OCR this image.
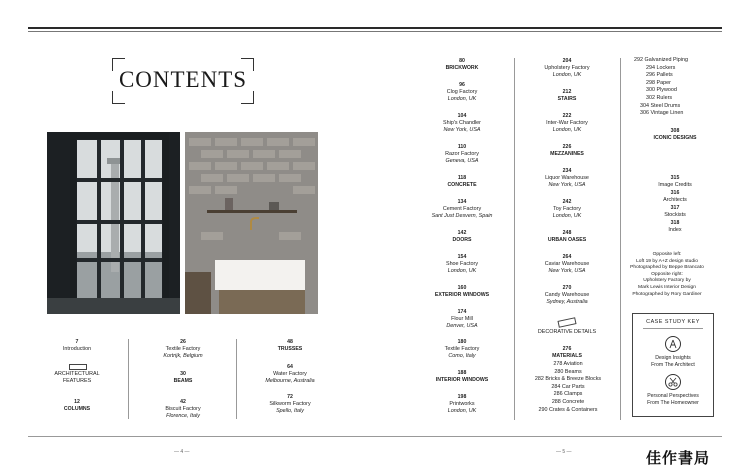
— 4 —	— 5 —
CONTENTS
7
Introduction
ARCHITECTURAL
FEATURES
12
COLUMNS
26
Textile Factory
Kortrijk, Belgium
30
BEAMS
42
Biscuit Factory
Florence, Italy
48
TRUSSES
64
Water Factory
Melbourne, Australia
72
Silkworm Factory
Spello, Italy
80
BRICKWORK
96
Clog Factory
London, UK
104
Ship's Chandler
New York, USA
110
Razor Factory
Geneva, USA
118
CONCRETE
134
Cement Factory
Sant Just Desvern, Spain
142
DOORS
154
Shoe Factory
London, UK
160
EXTERIOR WINDOWS
174
Flour Mill
Denver, USA
180
Textile Factory
Como, Italy
188
INTERIOR WINDOWS
198
Printworks
London, UK
204
Upholstery Factory
London, UK
212
STAIRS
222
Inter-War Factory
London, UK
226
MEZZANINES
234
Liquor Warehouse
New York, USA
242
Toy Factory
London, UK
248
URBAN OASES
264
Caviar Warehouse
New York, USA
270
Candy Warehouse
Sydney, Australia
DECORATIVE DETAILS
276
MATERIALS
278 Aviation
280 Beams
282 Bricks & Breeze Blocks
284 Car Parts
286 Clamps
288 Concrete
290 Crates & Containers
292 Galvanized Piping
294 Lockers
296 Pallets
298 Paper
300 Plywood
302 Rulers
304 Steel Drums
306 Vintage Linen
308
ICONIC DESIGNS
315
Image Credits
316
Architects
317
Stockists
318
Index
Opposite left:
Loft 19 by A+Z design studio
Photographed by Beppe Brancato
Opposite right:
Upholstery Factory by
Mark Lewis Interior Design
Photographed by Rory Gardiner
CASE STUDY KEY
Design Insights
From The Architect
Personal Perspectives
From The Homeowner
佳作書局
